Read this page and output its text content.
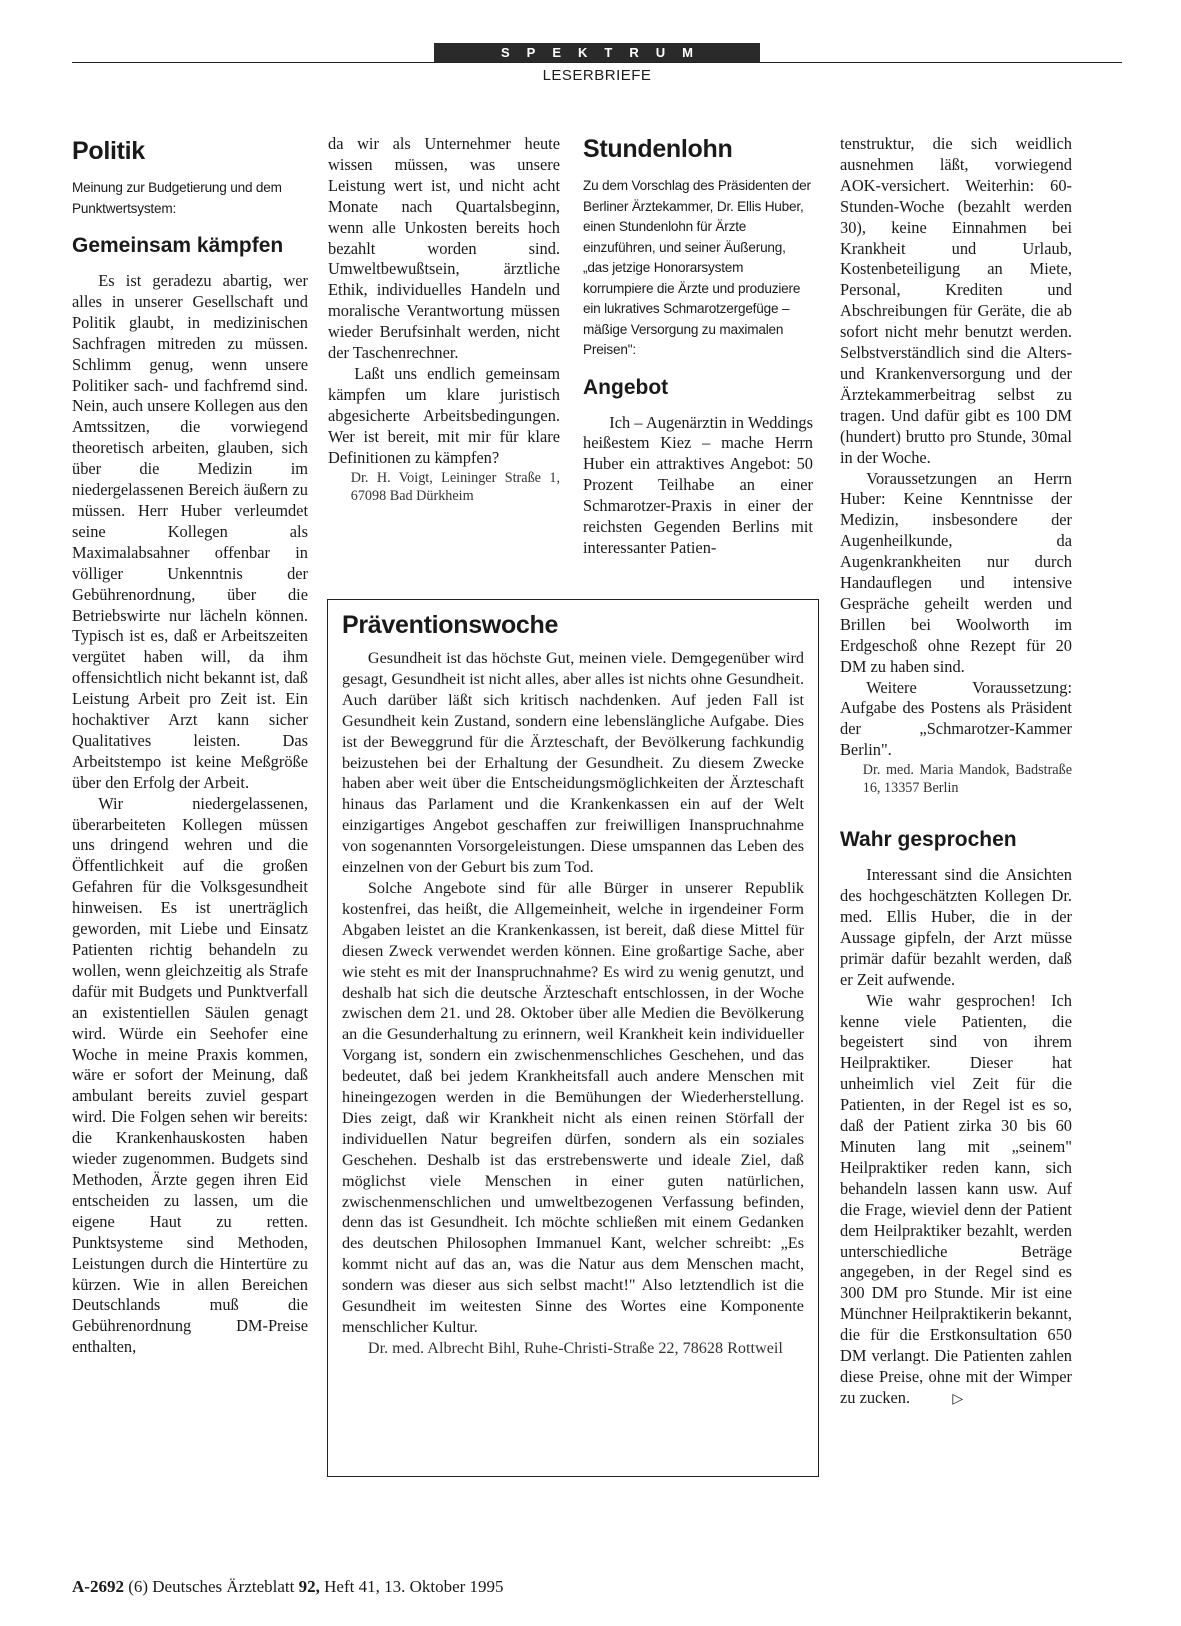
SPEKTRUM
LESERBRIEFE
Politik
Meinung zur Budgetierung und dem Punktwertsystem:
Gemeinsam kämpfen

Es ist geradezu abartig, wer alles in unserer Gesellschaft und Politik glaubt, in medizinischen Sachfragen mitreden zu müssen. Schlimm genug, wenn unsere Politiker sach- und fachfremd sind. Nein, auch unsere Kollegen aus den Amtssitzen, die vorwiegend theoretisch arbeiten, glauben, sich über die Medizin im niedergelassenen Bereich äußern zu müssen. Herr Huber verleumdet seine Kollegen als Maximalabsahner offenbar in völliger Unkenntnis der Gebührenordnung, über die Betriebswirte nur lächeln können. Typisch ist es, daß er Arbeitszeiten vergütet haben will, da ihm offensichtlich nicht bekannt ist, daß Leistung Arbeit pro Zeit ist. Ein hochaktiver Arzt kann sicher Qualitatives leisten. Das Arbeitstempo ist keine Meßgröße über den Erfolg der Arbeit.

Wir niedergelassenen, überarbeiteten Kollegen müssen uns dringend wehren und die Öffentlichkeit auf die großen Gefahren für die Volksgesundheit hinweisen. Es ist unerträglich geworden, mit Liebe und Einsatz Patienten richtig behandeln zu wollen, wenn gleichzeitig als Strafe dafür mit Budgets und Punktverfall an existentiellen Säulen genagt wird. Würde ein Seehofer eine Woche in meine Praxis kommen, wäre er sofort der Meinung, daß ambulant bereits zuviel gespart wird. Die Folgen sehen wir bereits: die Krankenhauskosten haben wieder zugenommen. Budgets sind Methoden, Ärzte gegen ihren Eid entscheiden zu lassen, um die eigene Haut zu retten. Punktsysteme sind Methoden, Leistungen durch die Hintertüre zu kürzen. Wie in allen Bereichen Deutschlands muß die Gebührenordnung DM-Preise enthalten,

da wir als Unternehmer heute wissen müssen, was unsere Leistung wert ist, und nicht acht Monate nach Quartalsbeginn, wenn alle Unkosten bereits hoch bezahlt worden sind. Umweltbewußtsein, ärztliche Ethik, individuelles Handeln und moralische Verantwortung müssen wieder Berufsinhalt werden, nicht der Taschenrechner.

Laßt uns endlich gemeinsam kämpfen um klare juristisch abgesicherte Arbeitsbedingungen. Wer ist bereit, mit mir für klare Definitionen zu kämpfen?

Dr. H. Voigt, Leininger Straße 1, 67098 Bad Dürkheim

Stundenlohn
Zu dem Vorschlag des Präsidenten der Berliner Ärztekammer, Dr. Ellis Huber, einen Stundenlohn für Ärzte einzuführen, und seiner Äußerung, „das jetzige Honorarsystem korrumpiere die Ärzte und produziere ein lukratives Schmarotzergefüge – mäßige Versorgung zu maximalen Preisen":
Angebot

Ich – Augenärztin in Weddings heißestem Kiez – mache Herrn Huber ein attraktives Angebot: 50 Prozent Teilhabe an einer Schmarotzer-Praxis in einer der reichsten Gegenden Berlins mit interessanter Patien-

tenstruktur, die sich weidlich ausnehmen läßt, vorwiegend AOK-versichert. Weiterhin: 60-Stunden-Woche (bezahlt werden 30), keine Einnahmen bei Krankheit und Urlaub, Kostenbeteiligung an Miete, Personal, Krediten und Abschreibungen für Geräte, die ab sofort nicht mehr benutzt werden. Selbstverständlich sind die Alters- und Krankenversorgung und der Ärztekammerbeitrag selbst zu tragen. Und dafür gibt es 100 DM (hundert) brutto pro Stunde, 30mal in der Woche.

Voraussetzungen an Herrn Huber: Keine Kenntnisse der Medizin, insbesondere der Augenheilkunde, da Augenkrankheiten nur durch Handauflegen und intensive Gespräche geheilt werden und Brillen bei Woolworth im Erdgeschoß ohne Rezept für 20 DM zu haben sind.

Weitere Voraussetzung: Aufgabe des Postens als Präsident der „Schmarotzer-Kammer Berlin".

Dr. med. Maria Mandok, Badstraße 16, 13357 Berlin

Wahr gesprochen

Interessant sind die Ansichten des hochgeschätzten Kollegen Dr. med. Ellis Huber, die in der Aussage gipfeln, der Arzt müsse primär dafür bezahlt werden, daß er Zeit aufwende.

Wie wahr gesprochen! Ich kenne viele Patienten, die begeistert sind von ihrem Heilpraktiker. Dieser hat unheimlich viel Zeit für die Patienten, in der Regel ist es so, daß der Patient zirka 30 bis 60 Minuten lang mit „seinem" Heilpraktiker reden kann, sich behandeln lassen kann usw. Auf die Frage, wieviel denn der Patient dem Heilpraktiker bezahlt, werden unterschiedliche Beträge angegeben, in der Regel sind es 300 DM pro Stunde. Mir ist eine Münchner Heilpraktikerin bekannt, die für die Erstkonsultation 650 DM verlangt. Die Patienten zahlen diese Preise, ohne mit der Wimper zu zucken.	▷

Präventionswoche

Gesundheit ist das höchste Gut, meinen viele. Demgegenüber wird gesagt, Gesundheit ist nicht alles, aber alles ist nichts ohne Gesundheit. Auch darüber läßt sich kritisch nachdenken. Auf jeden Fall ist Gesundheit kein Zustand, sondern eine lebenslängliche Aufgabe. Dies ist der Beweggrund für die Ärzteschaft, der Bevölkerung fachkundig beizustehen bei der Erhaltung der Gesundheit. Zu diesem Zwecke haben aber weit über die Entscheidungsmöglichkeiten der Ärzteschaft hinaus das Parlament und die Krankenkassen ein auf der Welt einzigartiges Angebot geschaffen zur freiwilligen Inanspruchnahme von sogenannten Vorsorgeleistungen. Diese umspannen das Leben des einzelnen von der Geburt bis zum Tod.

Solche Angebote sind für alle Bürger in unserer Republik kostenfrei, das heißt, die Allgemeinheit, welche in irgendeiner Form Abgaben leistet an die Krankenkassen, ist bereit, daß diese Mittel für diesen Zweck verwendet werden können. Eine großartige Sache, aber wie steht es mit der Inanspruchnahme? Es wird zu wenig genutzt, und deshalb hat sich die deutsche Ärzteschaft entschlossen, in der Woche zwischen dem 21. und 28. Oktober über alle Medien die Bevölkerung an die Gesunderhaltung zu erinnern, weil Krankheit kein individueller Vorgang ist, sondern ein zwischenmenschliches Geschehen, und das bedeutet, daß bei jedem Krankheitsfall auch andere Menschen mit hineingezogen werden in die Bemühungen der Wiederherstellung. Dies zeigt, daß wir Krankheit nicht als einen reinen Störfall der individuellen Natur begreifen dürfen, sondern als ein soziales Geschehen. Deshalb ist das erstrebenswerte und ideale Ziel, daß möglichst viele Menschen in einer guten natürlichen, zwischenmenschlichen und umweltbezogenen Verfassung befinden, denn das ist Gesundheit. Ich möchte schließen mit einem Gedanken des deutschen Philosophen Immanuel Kant, welcher schreibt: „Es kommt nicht auf das an, was die Natur aus dem Menschen macht, sondern was dieser aus sich selbst macht!" Also letztendlich ist die Gesundheit im weitesten Sinne des Wortes eine Komponente menschlicher Kultur.

Dr. med. Albrecht Bihl, Ruhe-Christi-Straße 22, 78628 Rottweil

A-2692 (6) Deutsches Ärzteblatt 92, Heft 41, 13. Oktober 1995
